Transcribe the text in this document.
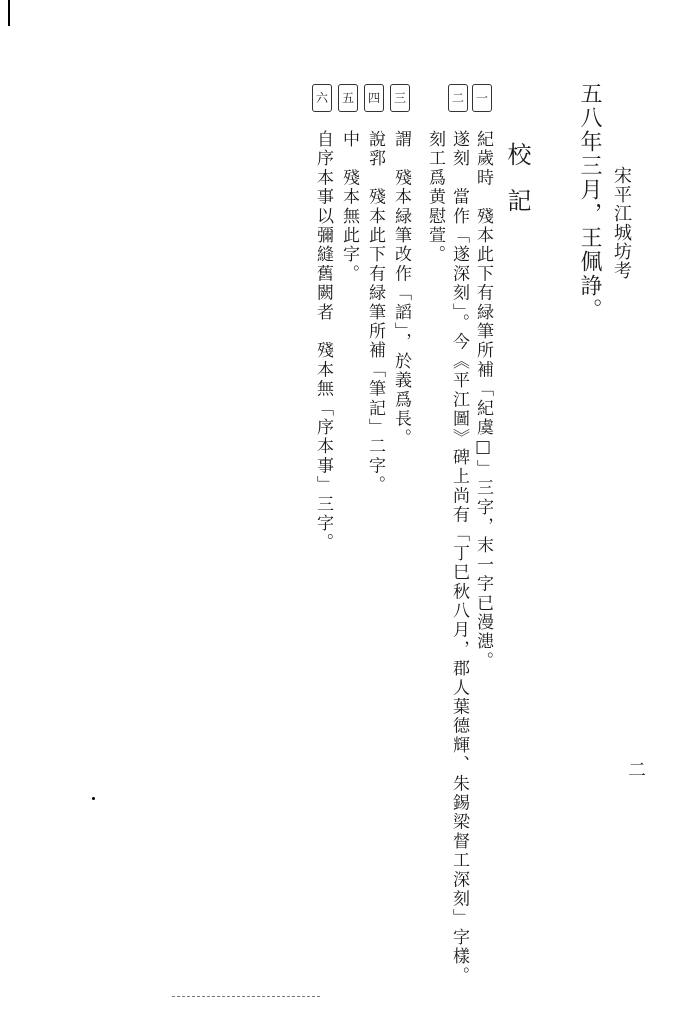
宋平江城坊考
二
五八年三月，王佩諍。
校記
一
紀歲時　殘本此下有緑筆所補「紀虞□」三字，末一字已漫漶。
二
遂刻　當作「遂深刻」。今《平江圖》碑上尚有「丁巳秋八月，郡人葉德輝、朱錫梁督工深刻」字樣。
刻工爲黄慰萱。
三
謂　殘本緑筆改作「謟」，於義爲長。
四
說郛　殘本此下有緑筆所補「筆記」二字。
五
中　殘本無此字。
六
自序本事以彌縫舊闕者　殘本無「序本事」三字。
